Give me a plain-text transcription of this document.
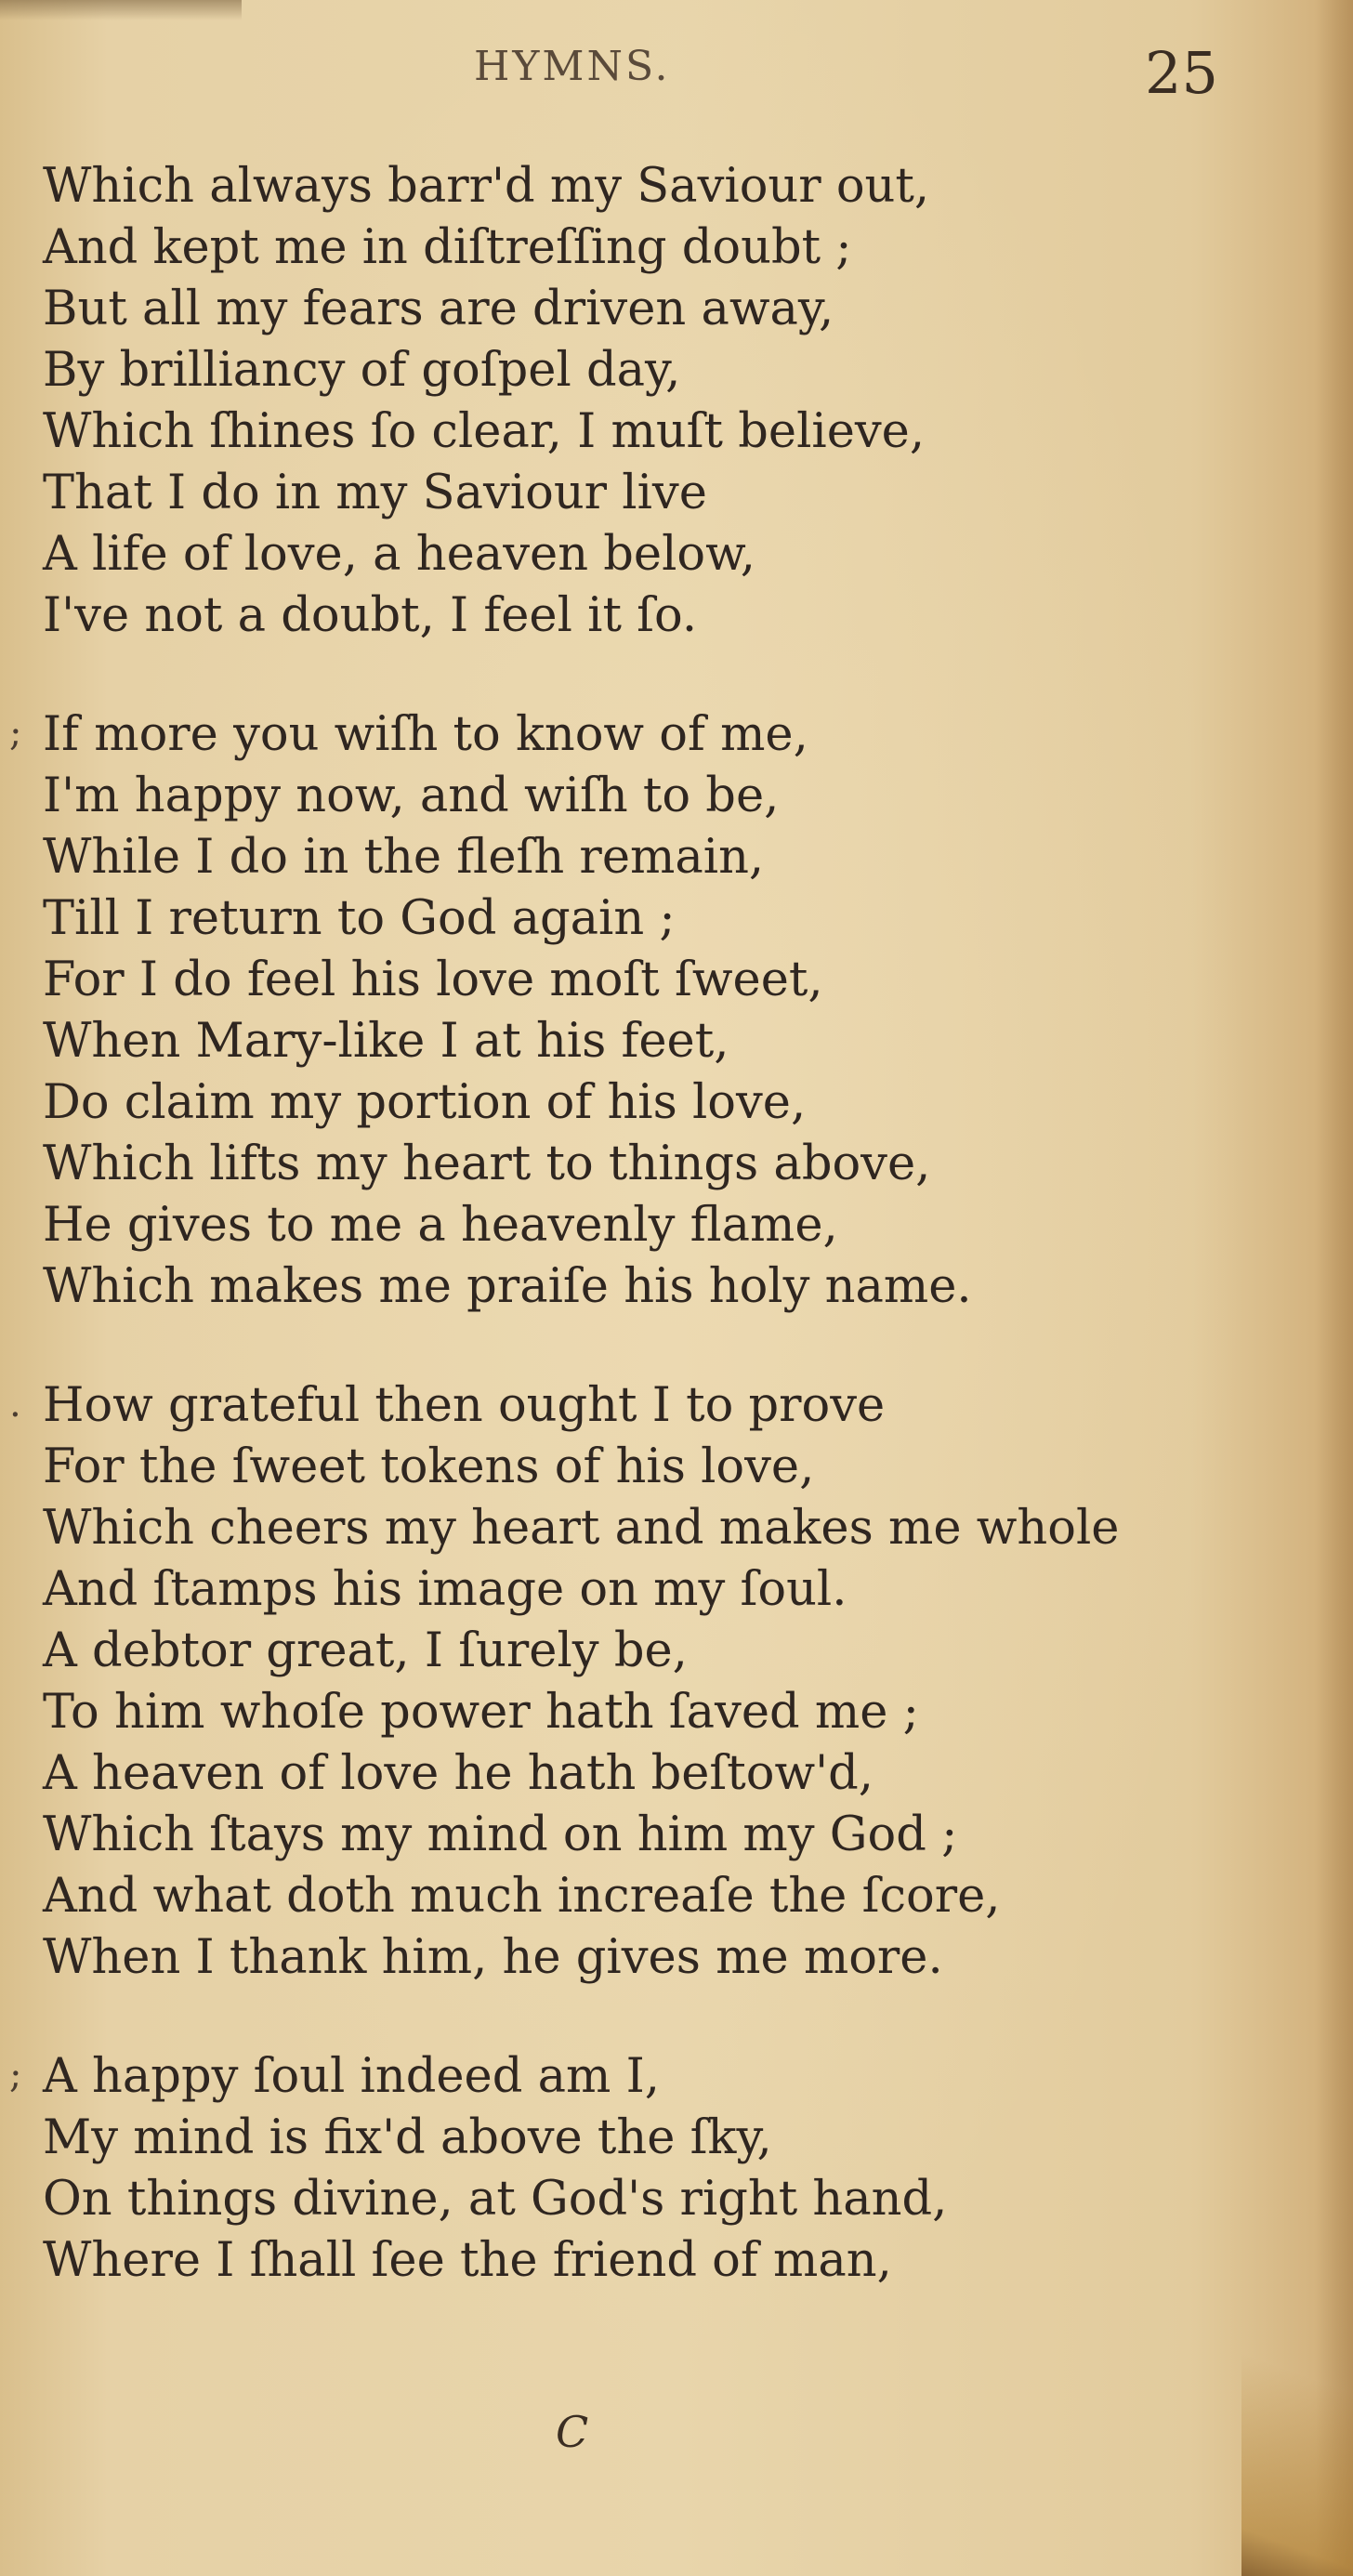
HYMNS.	25
Which always barr'd my Saviour out,
And kept me in diſtreſſing doubt ;
But all my fears are driven away,
By brilliancy of goſpel day,
Which ſhines ſo clear, I muſt believe,
That I do in my Saviour live
A life of love, a heaven below,
I've not a doubt, I feel it ſo.
; If more you wiſh to know of me,
I'm happy now, and wiſh to be,
While I do in the fleſh remain,
Till I return to God again ;
For I do feel his love moſt ſweet,
When Mary-like I at his feet,
Do claim my portion of his love,
Which lifts my heart to things above,
He gives to me a heavenly flame,
Which makes me praiſe his holy name.
. How grateful then ought I to prove
For the ſweet tokens of his love,
Which cheers my heart and makes me whole
And ſtamps his image on my ſoul.
A debtor great, I ſurely be,
To him whoſe power hath ſaved me ;
A heaven of love he hath beſtow'd,
Which ſtays my mind on him my God ;
And what doth much increaſe the ſcore,
When I thank him, he gives me more.
; A happy ſoul indeed am I,
My mind is fix'd above the ſky,
On things divine, at God's right hand,
Where I ſhall ſee the friend of man,
C
